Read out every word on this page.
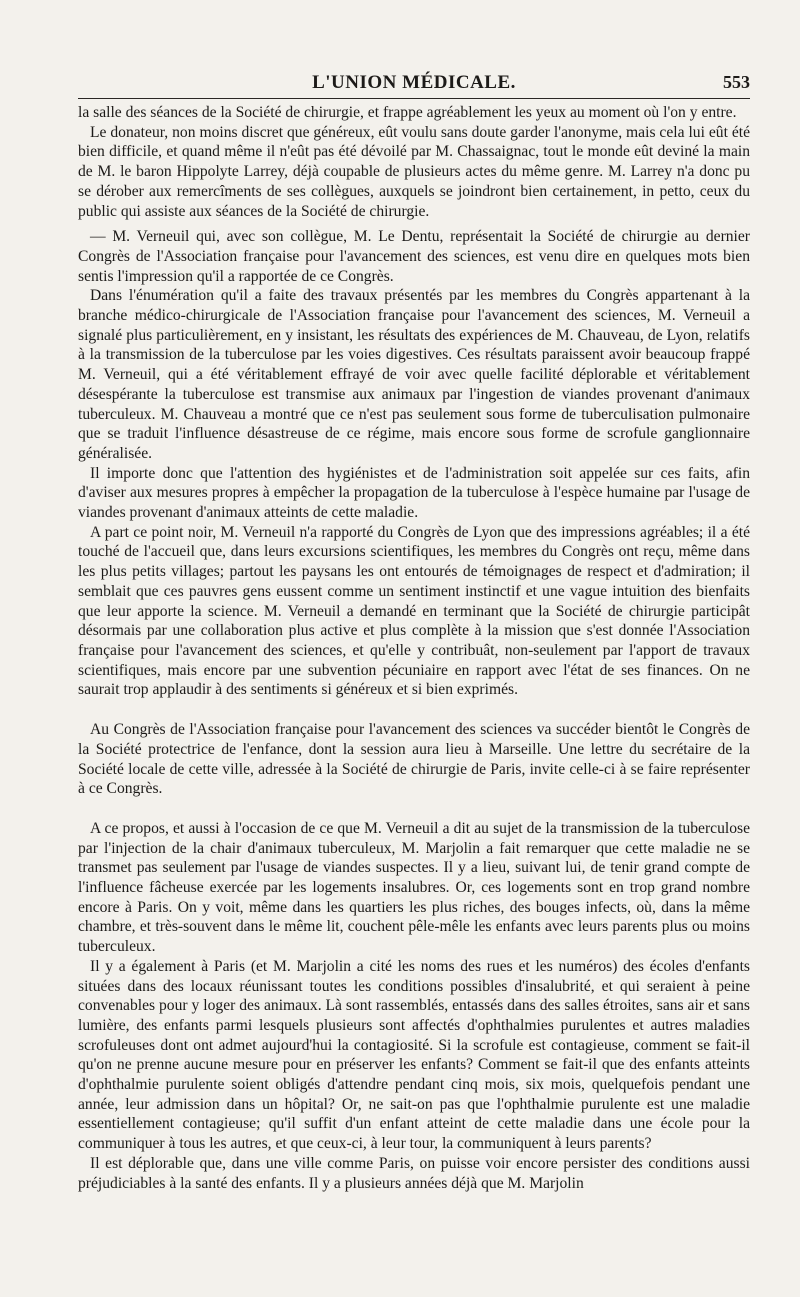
L'UNION MÉDICALE.	553

la salle des séances de la Société de chirurgie, et frappe agréablement les yeux au moment où l'on y entre.

Le donateur, non moins discret que généreux, eût voulu sans doute garder l'anonyme, mais cela lui eût été bien difficile, et quand même il n'eût pas été dévoilé par M. Chassaignac, tout le monde eût deviné la main de M. le baron Hippolyte Larrey, déjà coupable de plusieurs actes du même genre. M. Larrey n'a donc pu se dérober aux remercîments de ses collègues, auxquels se joindront bien certainement, in petto, ceux du public qui assiste aux séances de la Société de chirurgie.

— M. Verneuil qui, avec son collègue, M. Le Dentu, représentait la Société de chirurgie au dernier Congrès de l'Association française pour l'avancement des sciences, est venu dire en quelques mots bien sentis l'impression qu'il a rapportée de ce Congrès.

Dans l'énumération qu'il a faite des travaux présentés par les membres du Congrès appartenant à la branche médico-chirurgicale de l'Association française pour l'avancement des sciences, M. Verneuil a signalé plus particulièrement, en y insistant, les résultats des expériences de M. Chauveau, de Lyon, relatifs à la transmission de la tuberculose par les voies digestives. Ces résultats paraissent avoir beaucoup frappé M. Verneuil, qui a été véritablement effrayé de voir avec quelle facilité déplorable et véritablement désespérante la tuberculose est transmise aux animaux par l'ingestion de viandes provenant d'animaux tuberculeux. M. Chauveau a montré que ce n'est pas seulement sous forme de tuberculisation pulmonaire que se traduit l'influence désastreuse de ce régime, mais encore sous forme de scrofule ganglionnaire généralisée.

Il importe donc que l'attention des hygiénistes et de l'administration soit appelée sur ces faits, afin d'aviser aux mesures propres à empêcher la propagation de la tuberculose à l'espèce humaine par l'usage de viandes provenant d'animaux atteints de cette maladie.

A part ce point noir, M. Verneuil n'a rapporté du Congrès de Lyon que des impressions agréables; il a été touché de l'accueil que, dans leurs excursions scientifiques, les membres du Congrès ont reçu, même dans les plus petits villages; partout les paysans les ont entourés de témoignages de respect et d'admiration; il semblait que ces pauvres gens eussent comme un sentiment instinctif et une vague intuition des bienfaits que leur apporte la science. M. Verneuil a demandé en terminant que la Société de chirurgie participât désormais par une collaboration plus active et plus complète à la mission que s'est donnée l'Association française pour l'avancement des sciences, et qu'elle y contribuât, non-seulement par l'apport de travaux scientifiques, mais encore par une subvention pécuniaire en rapport avec l'état de ses finances. On ne saurait trop applaudir à des sentiments si généreux et si bien exprimés.

Au Congrès de l'Association française pour l'avancement des sciences va succéder bientôt le Congrès de la Société protectrice de l'enfance, dont la session aura lieu à Marseille. Une lettre du secrétaire de la Société locale de cette ville, adressée à la Société de chirurgie de Paris, invite celle-ci à se faire représenter à ce Congrès.

A ce propos, et aussi à l'occasion de ce que M. Verneuil a dit au sujet de la transmission de la tuberculose par l'injection de la chair d'animaux tuberculeux, M. Marjolin a fait remarquer que cette maladie ne se transmet pas seulement par l'usage de viandes suspectes. Il y a lieu, suivant lui, de tenir grand compte de l'influence fâcheuse exercée par les logements insalubres. Or, ces logements sont en trop grand nombre encore à Paris. On y voit, même dans les quartiers les plus riches, des bouges infects, où, dans la même chambre, et très-souvent dans le même lit, couchent pêle-mêle les enfants avec leurs parents plus ou moins tuberculeux.

Il y a également à Paris (et M. Marjolin a cité les noms des rues et les numéros) des écoles d'enfants situées dans des locaux réunissant toutes les conditions possibles d'insalubrité, et qui seraient à peine convenables pour y loger des animaux. Là sont rassemblés, entassés dans des salles étroites, sans air et sans lumière, des enfants parmi lesquels plusieurs sont affectés d'ophthalmies purulentes et autres maladies scrofuleuses dont ont admet aujourd'hui la contagiosité. Si la scrofule est contagieuse, comment se fait-il qu'on ne prenne aucune mesure pour en préserver les enfants? Comment se fait-il que des enfants atteints d'ophthalmie purulente soient obligés d'attendre pendant cinq mois, six mois, quelquefois pendant une année, leur admission dans un hôpital? Or, ne sait-on pas que l'ophthalmie purulente est une maladie essentiellement contagieuse; qu'il suffit d'un enfant atteint de cette maladie dans une école pour la communiquer à tous les autres, et que ceux-ci, à leur tour, la communiquent à leurs parents?

Il est déplorable que, dans une ville comme Paris, on puisse voir encore persister des conditions aussi préjudiciables à la santé des enfants. Il y a plusieurs années déjà que M. Marjolin
